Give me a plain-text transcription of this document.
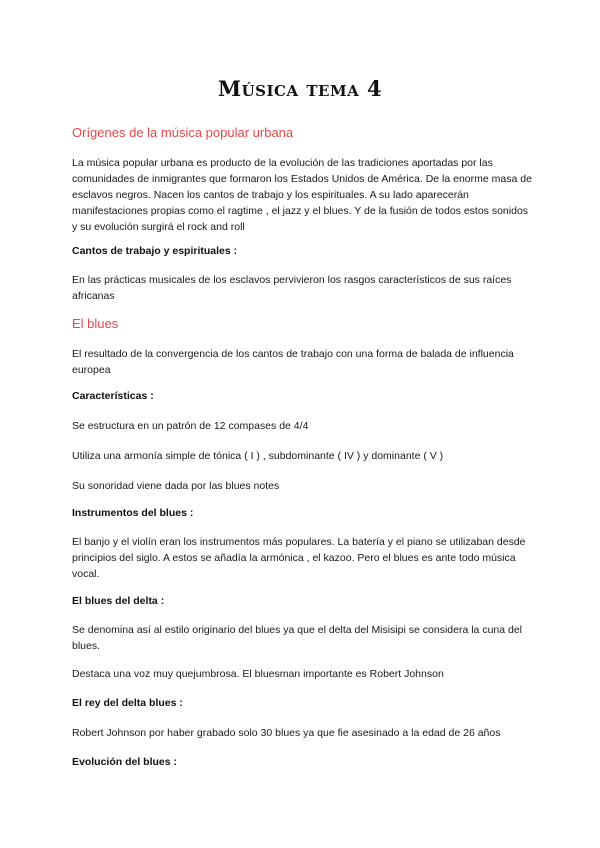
Música tema 4
Orígenes de la música popular urbana

La música popular urbana es producto de la evolución de las tradiciones aportadas por las comunidades de inmigrantes que formaron los Estados Unidos de América. De la enorme masa de esclavos negros. Nacen los cantos de trabajo y los espirituales. A su lado aparecerán manifestaciones propias como el ragtime , el jazz y el blues. Y de la fusión de todos estos sonidos y su evolución surgirá el rock and roll

Cantos de trabajo y espirituales :

En las prácticas musicales de los esclavos pervivieron los rasgos característicos de sus raíces africanas

El blues

El resultado de la convergencia de los cantos de trabajo con una forma de balada de influencia europea

Características :

Se estructura en un patrón de 12 compases de 4/4

Utiliza una armonía simple de tónica ( I ) , subdominante ( IV ) y dominante ( V )

Su sonoridad viene dada por las blues notes

Instrumentos del blues :

El banjo y el violín eran los instrumentos más populares. La batería y el piano se utilizaban desde principios del siglo. A estos se añadía la armónica , el kazoo. Pero el blues es ante todo música vocal.

El blues del delta :

Se denomina así al estilo originario del blues ya que el delta del Misisipi se considera la cuna del blues.

Destaca una voz muy quejumbrosa. El bluesman importante es Robert Johnson

El rey del delta blues :

Robert Johnson por haber grabado solo 30 blues ya que fie asesinado a la edad de 26 años

Evolución del blues :
